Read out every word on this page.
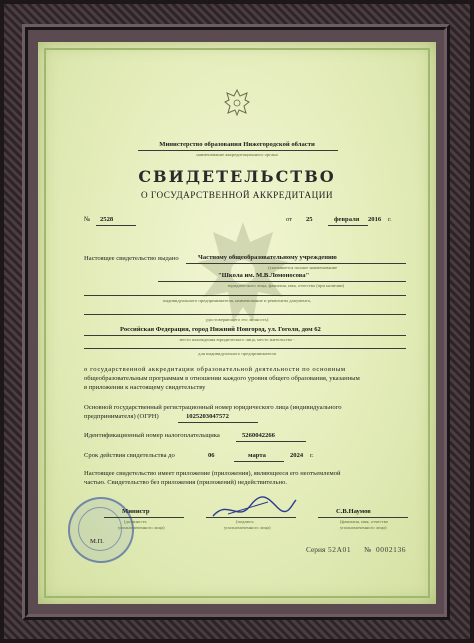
Министерство образования Нижегородской области
наименование аккредитационного органа
СВИДЕТЕЛЬСТВО
О ГОСУДАРСТВЕННОЙ АККРЕДИТАЦИИ
№ 2528	от 25	февраля 2016 г.
Настоящее свидетельство выдано	Частному общеобразовательному учреждению
(указывается полное наименование
"Школа им. М.В.Ломоносова"
юридического лица, фамилия, имя, отчество (при наличии)
индивидуального предпринимателя, наименование и реквизиты документа,
удостоверяющего его личность)
Российская Федерация, город Нижний Новгород, ул. Гоголя, дом 62
место нахождения юридического лица, место жительства -
для индивидуального предпринимателя
о государственной аккредитации образовательной деятельности по основным
общеобразовательным программам в отношении каждого уровня общего образования, указанным
в приложении к настоящему свидетельству
Основной государственный регистрационный номер юридического лица (индивидуального
предпринимателя) (ОГРН)	1025203047572
Идентификационный номер налогоплательщика	5260042266
Срок действия свидетельства до	06	марта	2024 г.
Настоящее свидетельство имеет приложение (приложения), являющееся его неотъемлемой
частью. Свидетельство без приложения (приложений) недействительно.
Министр
(должность
уполномоченного лица)
(подпись
уполномоченного лица)
С.В.Наумов
(фамилия, имя, отчество
уполномоченного лица)
М.П.
Серия 52А01 № 0002136
